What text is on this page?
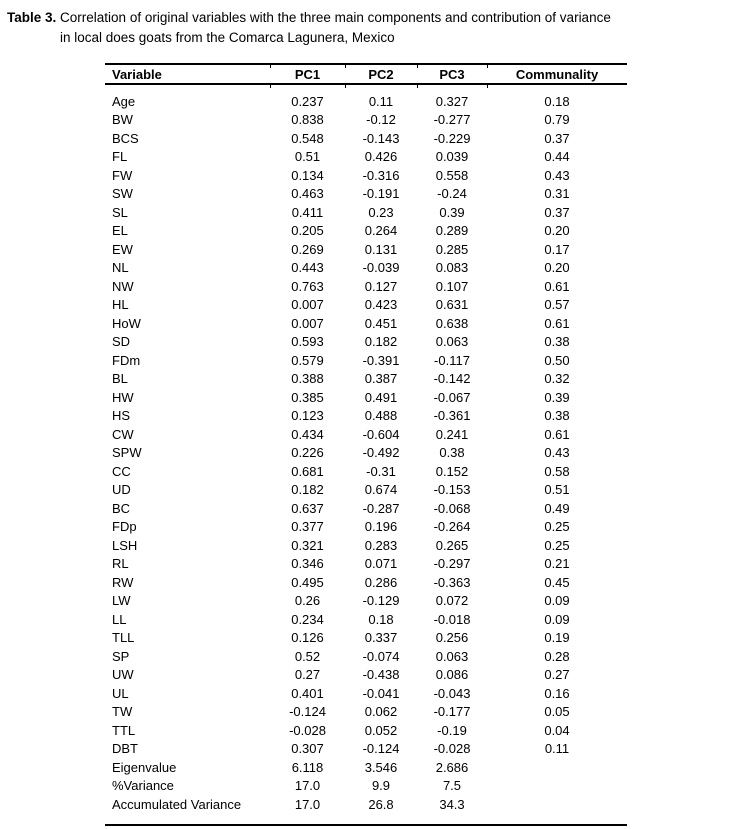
Table 3. Correlation of original variables with the three main components and contribution of variance
in local does goats from the Comarca Lagunera, Mexico
Variable	PC1	PC2	PC3	Communality
Age	0.237	0.11	0.327	0.18
BW	0.838	-0.12	-0.277	0.79
BCS	0.548	-0.143	-0.229	0.37
FL	0.51	0.426	0.039	0.44
FW	0.134	-0.316	0.558	0.43
SW	0.463	-0.191	-0.24	0.31
SL	0.411	0.23	0.39	0.37
EL	0.205	0.264	0.289	0.20
EW	0.269	0.131	0.285	0.17
NL	0.443	-0.039	0.083	0.20
NW	0.763	0.127	0.107	0.61
HL	0.007	0.423	0.631	0.57
HoW	0.007	0.451	0.638	0.61
SD	0.593	0.182	0.063	0.38
FDm	0.579	-0.391	-0.117	0.50
BL	0.388	0.387	-0.142	0.32
HW	0.385	0.491	-0.067	0.39
HS	0.123	0.488	-0.361	0.38
CW	0.434	-0.604	0.241	0.61
SPW	0.226	-0.492	0.38	0.43
CC	0.681	-0.31	0.152	0.58
UD	0.182	0.674	-0.153	0.51
BC	0.637	-0.287	-0.068	0.49
FDp	0.377	0.196	-0.264	0.25
LSH	0.321	0.283	0.265	0.25
RL	0.346	0.071	-0.297	0.21
RW	0.495	0.286	-0.363	0.45
LW	0.26	-0.129	0.072	0.09
LL	0.234	0.18	-0.018	0.09
TLL	0.126	0.337	0.256	0.19
SP	0.52	-0.074	0.063	0.28
UW	0.27	-0.438	0.086	0.27
UL	0.401	-0.041	-0.043	0.16
TW	-0.124	0.062	-0.177	0.05
TTL	-0.028	0.052	-0.19	0.04
DBT	0.307	-0.124	-0.028	0.11
Eigenvalue	6.118	3.546	2.686	
%Variance	17.0	9.9	7.5	
Accumulated Variance	17.0	26.8	34.3	
